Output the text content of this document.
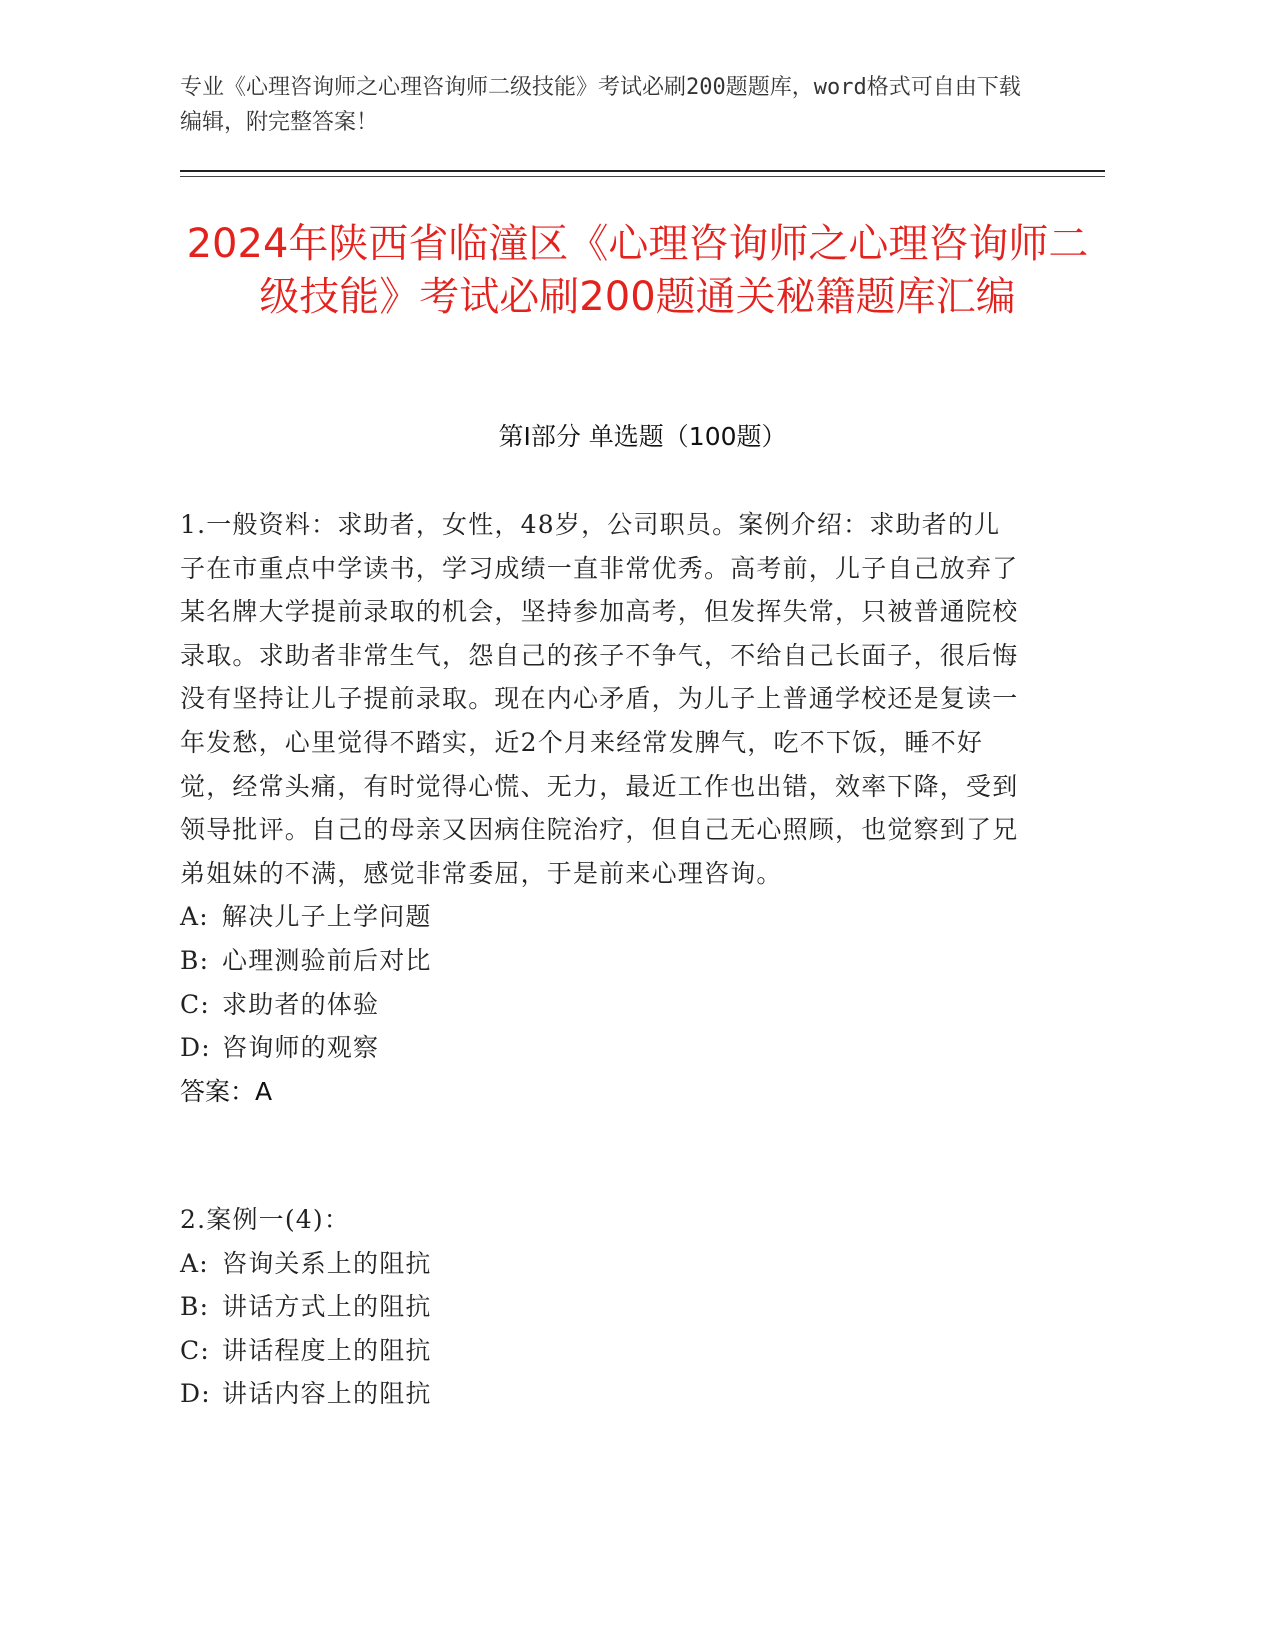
专业《心理咨询师之心理咨询师二级技能》考试必刷200题题库，word格式可自由下载编辑，附完整答案！
2024年陕西省临潼区《心理咨询师之心理咨询师二级技能》考试必刷200题通关秘籍题库汇编
第Ⅰ部分 单选题（100题）

1.一般资料：求助者，女性，48岁，公司职员。案例介绍：求助者的儿子在市重点中学读书，学习成绩一直非常优秀。高考前，儿子自己放弃了某名牌大学提前录取的机会，坚持参加高考，但发挥失常，只被普通院校录取。求助者非常生气，怨自己的孩子不争气，不给自己长面子，很后悔没有坚持让儿子提前录取。现在内心矛盾，为儿子上普通学校还是复读一年发愁，心里觉得不踏实，近2个月来经常发脾气，吃不下饭，睡不好觉，经常头痛，有时觉得心慌、无力，最近工作也出错，效率下降，受到领导批评。自己的母亲又因病住院治疗，但自己无心照顾，也觉察到了兄弟姐妹的不满，感觉非常委屈，于是前来心理咨询。

A: 解决儿子上学问题

B: 心理测验前后对比

C: 求助者的体验

D: 咨询师的观察

答案：A

2.案例一(4)：

A: 咨询关系上的阻抗

B: 讲话方式上的阻抗

C: 讲话程度上的阻抗

D: 讲话内容上的阻抗
